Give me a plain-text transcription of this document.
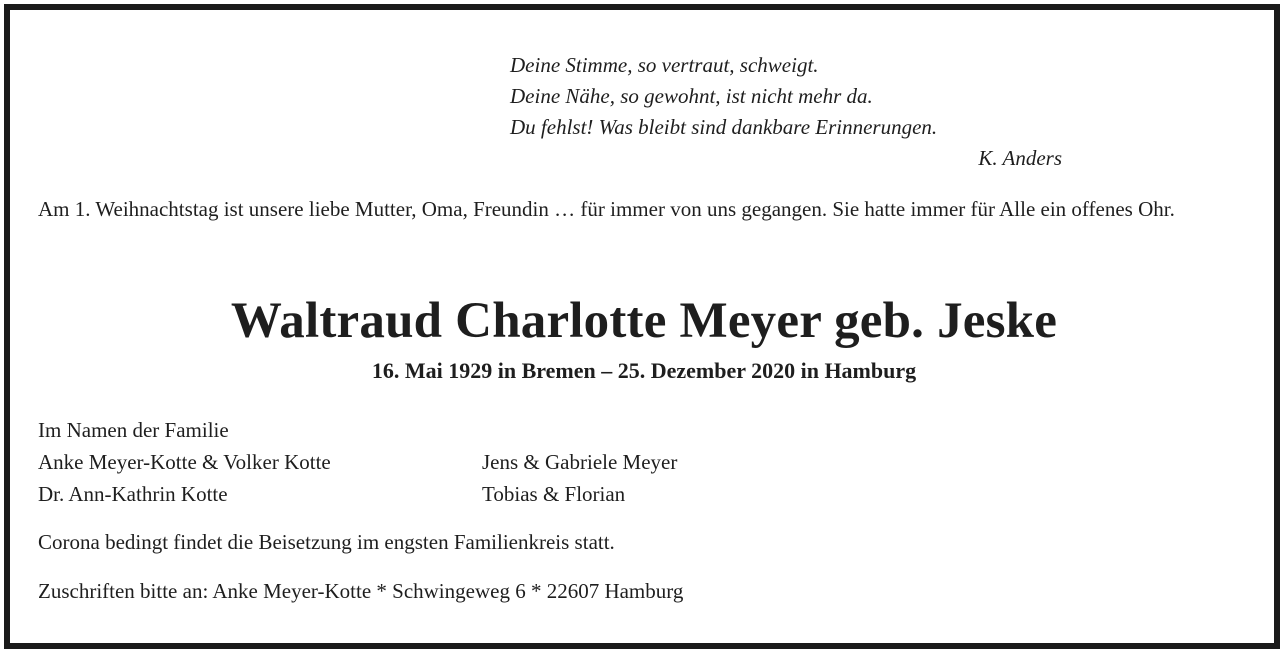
Deine Stimme, so vertraut, schweigt.
Deine Nähe, so gewohnt, ist nicht mehr da.
Du fehlst! Was bleibt sind dankbare Erinnerungen.
K. Anders
Am 1. Weihnachtstag ist unsere liebe Mutter, Oma, Freundin … für immer von uns gegangen. Sie hatte immer für Alle ein offenes Ohr.
Waltraud Charlotte Meyer geb. Jeske
16. Mai 1929 in Bremen – 25. Dezember 2020 in Hamburg
Im Namen der Familie
Anke Meyer-Kotte & Volker Kotte	Jens & Gabriele Meyer
Dr. Ann-Kathrin Kotte	Tobias & Florian
Corona bedingt findet die Beisetzung im engsten Familienkreis statt.
Zuschriften bitte an: Anke Meyer-Kotte * Schwingeweg 6 * 22607 Hamburg
